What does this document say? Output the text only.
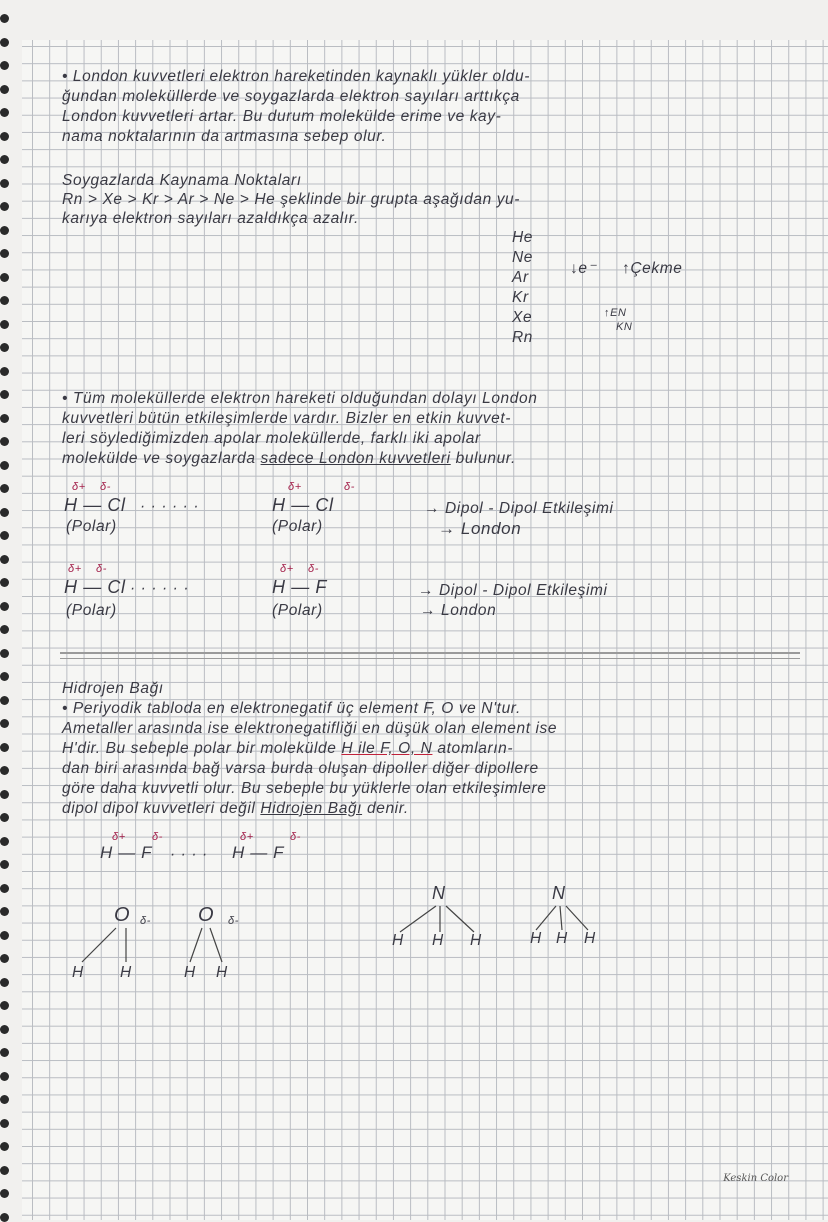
• London kuvvetleri elektron hareketinden kaynaklı yükler oldu-
ğundan moleküllerde ve soygazlarda elektron sayıları arttıkça
London kuvvetleri artar. Bu durum molekülde erime ve kay-
nama noktalarının da artmasına sebep olur.
Soygazlarda Kaynama Noktaları
Rn > Xe > Kr > Ar > Ne > He şeklinde bir grupta aşağıdan yu-
karıya elektron sayıları azaldıkça azalır.
He
Ne
Ar
Kr
Xe
Rn
↓e⁻ ↑Çekme
↑EN
KN
• Tüm moleküllerde elektron hareketi olduğundan dolayı London
kuvvetleri bütün etkileşimlerde vardır. Bizler en etkin kuvvet-
leri söylediğimizden apolar moleküllerde, farklı iki apolar
molekülde ve soygazlarda sadece London kuvvetleri bulunur.
δ+ δ-
H — Cl · · · · · ·
(Polar)
δ+	δ-
H — Cl
(Polar)
→ Dipol - Dipol Etkileşimi
→ London
δ+ δ-
H — Cl · · · · · ·
(Polar)
δ+ δ-
H — F
(Polar)
→ Dipol - Dipol Etkileşimi
→ London
Hidrojen Bağı
• Periyodik tabloda en elektronegatif üç element F, O ve N'tur.
Ametaller arasında ise elektronegatifliği en düşük olan element ise
H'dir. Bu sebeple polar bir molekülde H ile F, O, N atomların-
dan biri arasında bağ varsa burda oluşan dipoller diğer dipollere
göre daha kuvvetli olur. Bu sebeple bu yüklerle olan etkileşimlere
dipol dipol kuvvetleri değil Hidrojen Bağı denir.
δ+ δ-
H — F · · · ·
δ+	δ-
H — F
O	O
δ-	δ-
H H	H H
N	N
H H H	H H H
Keskin Color
